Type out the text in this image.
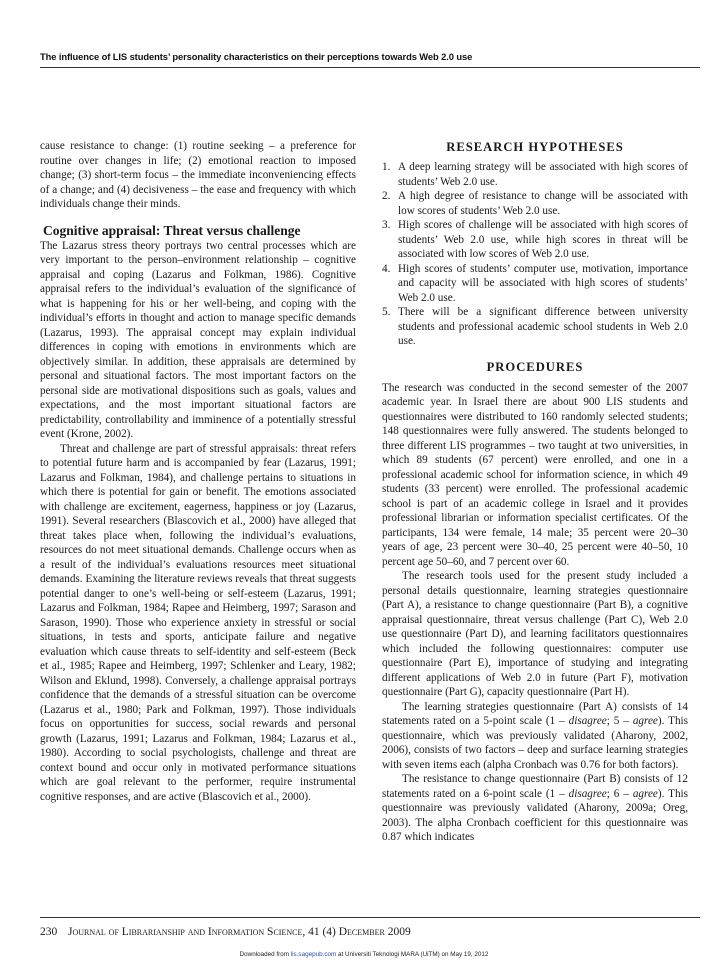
The influence of LIS students’ personality characteristics on their perceptions towards Web 2.0 use

cause resistance to change: (1) routine seeking – a preference for routine over changes in life; (2) emotional reaction to imposed change; (3) short-term focus – the immediate inconveniencing effects of a change; and (4) decisiveness – the ease and frequency with which individuals change their minds.

Cognitive appraisal: Threat versus challenge

The Lazarus stress theory portrays two central processes which are very important to the person–environment relationship – cognitive appraisal and coping (Lazarus and Folkman, 1986). Cognitive appraisal refers to the individual’s evaluation of the significance of what is happening for his or her well-being, and coping with the individual’s efforts in thought and action to manage specific demands (Lazarus, 1993). The appraisal concept may explain individual differences in coping with emotions in environments which are objectively similar. In addition, these appraisals are determined by personal and situational factors. The most important factors on the personal side are motivational dispositions such as goals, values and expectations, and the most important situational factors are predictability, controllability and imminence of a potentially stressful event (Krone, 2002).

Threat and challenge are part of stressful appraisals: threat refers to potential future harm and is accompanied by fear (Lazarus, 1991; Lazarus and Folkman, 1984), and challenge pertains to situations in which there is potential for gain or benefit. The emotions associated with challenge are excitement, eagerness, happiness or joy (Lazarus, 1991). Several researchers (Blascovich et al., 2000) have alleged that threat takes place when, following the individual’s evaluations, resources do not meet situational demands. Challenge occurs when as a result of the individual’s evaluations resources meet situational demands. Examining the literature reviews reveals that threat suggests potential danger to one’s well-being or self-esteem (Lazarus, 1991; Lazarus and Folkman, 1984; Rapee and Heimberg, 1997; Sarason and Sarason, 1990). Those who experience anxiety in stressful or social situations, in tests and sports, anticipate failure and negative evaluation which cause threats to self-identity and self-esteem (Beck et al., 1985; Rapee and Heimberg, 1997; Schlenker and Leary, 1982; Wilson and Eklund, 1998). Conversely, a challenge appraisal portrays confidence that the demands of a stressful situation can be overcome (Lazarus et al., 1980; Park and Folkman, 1997). Those individuals focus on opportunities for success, social rewards and personal growth (Lazarus, 1991; Lazarus and Folkman, 1984; Lazarus et al., 1980). According to social psychologists, challenge and threat are context bound and occur only in motivated performance situations which are goal relevant to the performer, require instrumental cognitive responses, and are active (Blascovich et al., 2000).

RESEARCH HYPOTHESES
1. A deep learning strategy will be associated with high scores of students’ Web 2.0 use.
2. A high degree of resistance to change will be associated with low scores of students’ Web 2.0 use.
3. High scores of challenge will be associated with high scores of students’ Web 2.0 use, while high scores in threat will be associated with low scores of Web 2.0 use.
4. High scores of students’ computer use, motivation, importance and capacity will be associated with high scores of students’ Web 2.0 use.
5. There will be a significant difference between university students and professional academic school students in Web 2.0 use.
PROCEDURES

The research was conducted in the second semester of the 2007 academic year. In Israel there are about 900 LIS students and questionnaires were distributed to 160 randomly selected students; 148 questionnaires were fully answered. The students belonged to three different LIS programmes – two taught at two universities, in which 89 students (67 percent) were enrolled, and one in a professional academic school for information science, in which 49 students (33 percent) were enrolled. The professional academic school is part of an academic college in Israel and it provides professional librarian or information specialist certificates. Of the participants, 134 were female, 14 male; 35 percent were 20–30 years of age, 23 percent were 30–40, 25 percent were 40–50, 10 percent age 50–60, and 7 percent over 60.

The research tools used for the present study included a personal details questionnaire, learning strategies questionnaire (Part A), a resistance to change questionnaire (Part B), a cognitive appraisal questionnaire, threat versus challenge (Part C), Web 2.0 use questionnaire (Part D), and learning facilitators questionnaires which included the following questionnaires: computer use questionnaire (Part E), importance of studying and integrating different applications of Web 2.0 in future (Part F), motivation questionnaire (Part G), capacity questionnaire (Part H).

The learning strategies questionnaire (Part A) consists of 14 statements rated on a 5-point scale (1 – disagree; 5 – agree). This questionnaire, which was previously validated (Aharony, 2002, 2006), consists of two factors – deep and surface learning strategies with seven items each (alpha Cronbach was 0.76 for both factors).

The resistance to change questionnaire (Part B) consists of 12 statements rated on a 6-point scale (1 – disagree; 6 – agree). This questionnaire was previously validated (Aharony, 2009a; Oreg, 2003). The alpha Cronbach coefficient for this questionnaire was 0.87 which indicates

230 Journal of Librarianship and Information Science, 41 (4) December 2009
Downloaded from lis.sagepub.com at Universiti Teknologi MARA (UiTM) on May 19, 2012
